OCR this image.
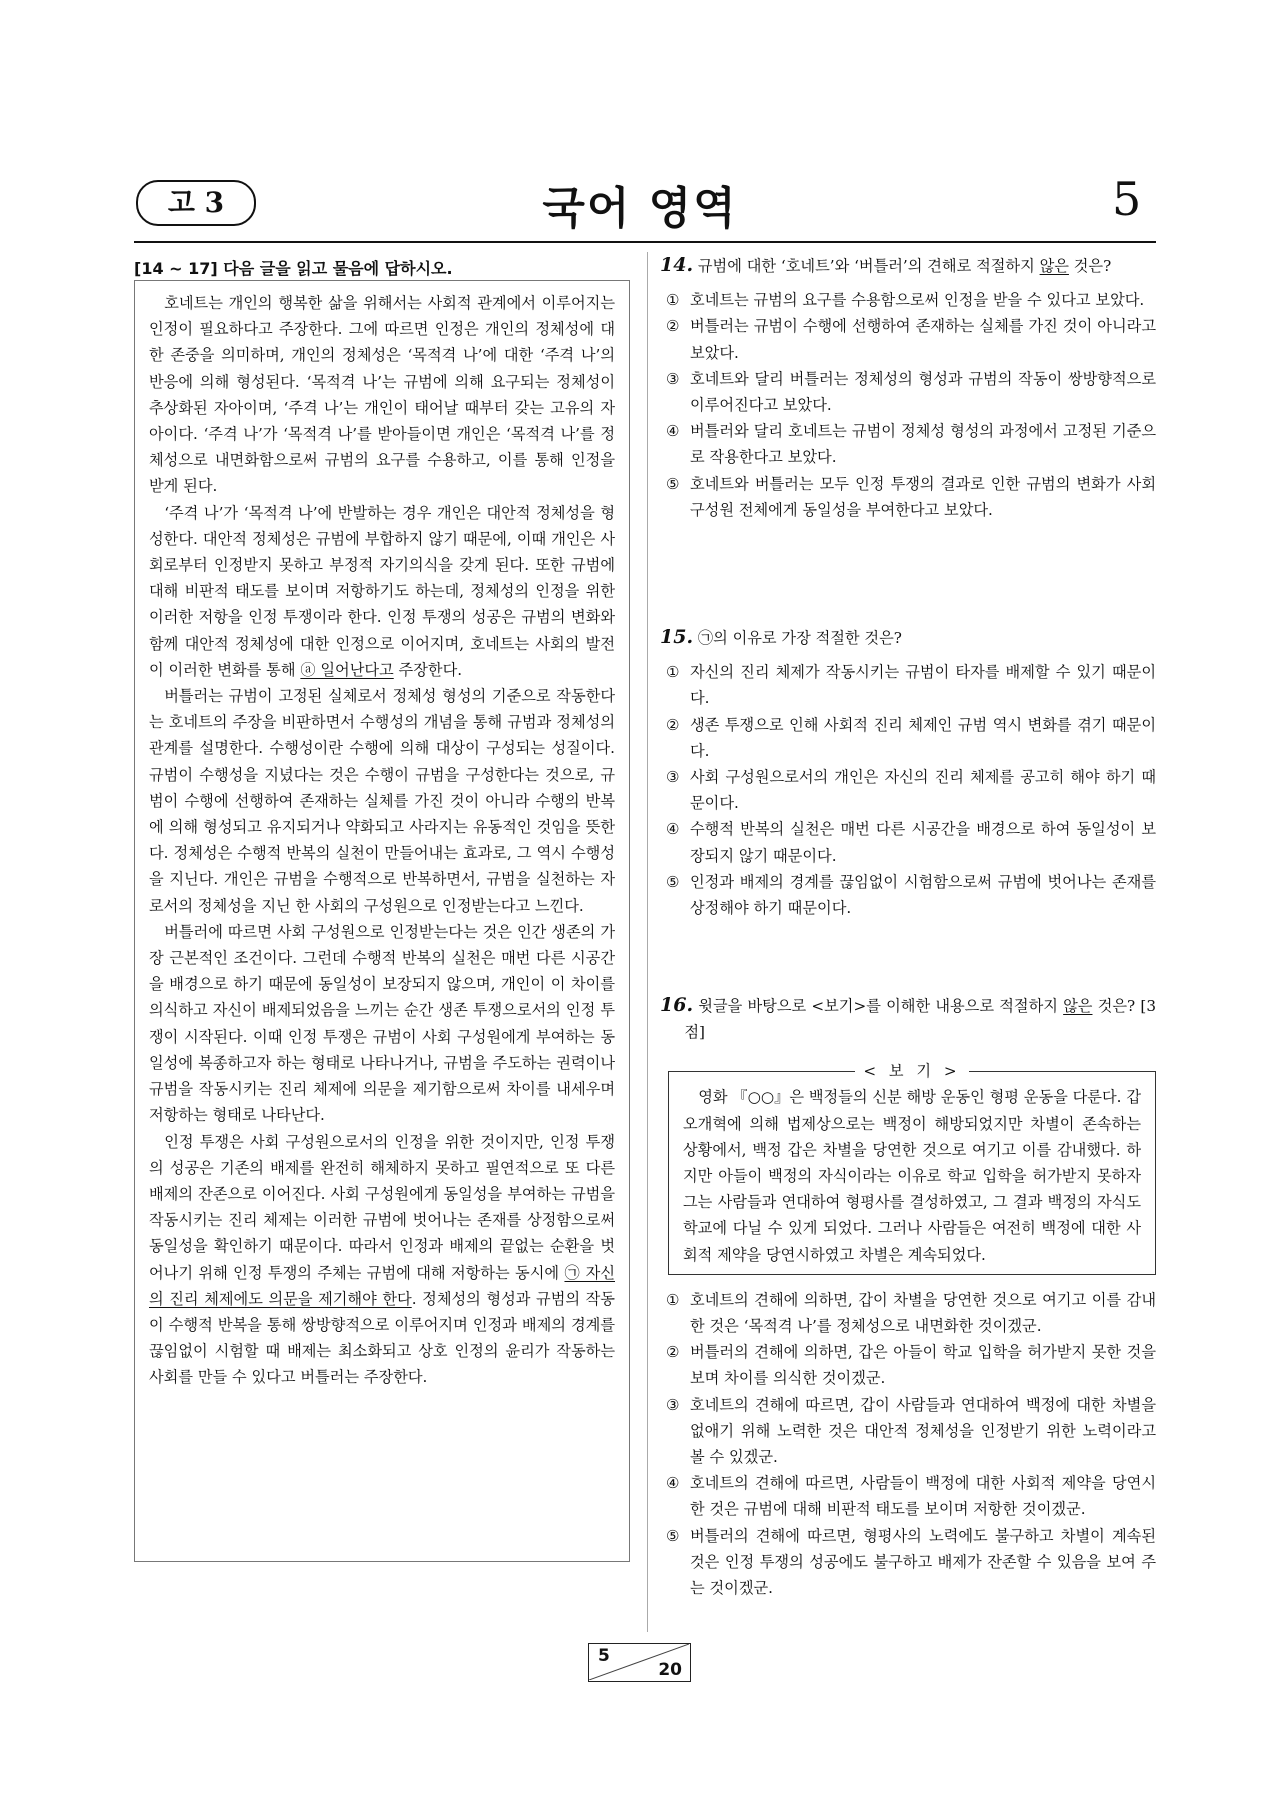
고 3	국어 영역	5
[14 ~ 17] 다음 글을 읽고 물음에 답하시오.

호네트는 개인의 행복한 삶을 위해서는 사회적 관계에서 이루어지는 인정이 필요하다고 주장한다. 그에 따르면 인정은 개인의 정체성에 대한 존중을 의미하며, 개인의 정체성은 ‘목적격 나’에 대한 ‘주격 나’의 반응에 의해 형성된다. ‘목적격 나’는 규범에 의해 요구되는 정체성이 추상화된 자아이며, ‘주격 나’는 개인이 태어날 때부터 갖는 고유의 자아이다. ‘주격 나’가 ‘목적격 나’를 받아들이면 개인은 ‘목적격 나’를 정체성으로 내면화함으로써 규범의 요구를 수용하고, 이를 통해 인정을 받게 된다.

‘주격 나’가 ‘목적격 나’에 반발하는 경우 개인은 대안적 정체성을 형성한다. 대안적 정체성은 규범에 부합하지 않기 때문에, 이때 개인은 사회로부터 인정받지 못하고 부정적 자기의식을 갖게 된다. 또한 규범에 대해 비판적 태도를 보이며 저항하기도 하는데, 정체성의 인정을 위한 이러한 저항을 인정 투쟁이라 한다. 인정 투쟁의 성공은 규범의 변화와 함께 대안적 정체성에 대한 인정으로 이어지며, 호네트는 사회의 발전이 이러한 변화를 통해 ⓐ 일어난다고 주장한다.

버틀러는 규범이 고정된 실체로서 정체성 형성의 기준으로 작동한다는 호네트의 주장을 비판하면서 수행성의 개념을 통해 규범과 정체성의 관계를 설명한다. 수행성이란 수행에 의해 대상이 구성되는 성질이다. 규범이 수행성을 지녔다는 것은 수행이 규범을 구성한다는 것으로, 규범이 수행에 선행하여 존재하는 실체를 가진 것이 아니라 수행의 반복에 의해 형성되고 유지되거나 약화되고 사라지는 유동적인 것임을 뜻한다. 정체성은 수행적 반복의 실천이 만들어내는 효과로, 그 역시 수행성을 지닌다. 개인은 규범을 수행적으로 반복하면서, 규범을 실천하는 자로서의 정체성을 지닌 한 사회의 구성원으로 인정받는다고 느낀다.

버틀러에 따르면 사회 구성원으로 인정받는다는 것은 인간 생존의 가장 근본적인 조건이다. 그런데 수행적 반복의 실천은 매번 다른 시공간을 배경으로 하기 때문에 동일성이 보장되지 않으며, 개인이 이 차이를 의식하고 자신이 배제되었음을 느끼는 순간 생존 투쟁으로서의 인정 투쟁이 시작된다. 이때 인정 투쟁은 규범이 사회 구성원에게 부여하는 동일성에 복종하고자 하는 형태로 나타나거나, 규범을 주도하는 권력이나 규범을 작동시키는 진리 체제에 의문을 제기함으로써 차이를 내세우며 저항하는 형태로 나타난다.

인정 투쟁은 사회 구성원으로서의 인정을 위한 것이지만, 인정 투쟁의 성공은 기존의 배제를 완전히 해체하지 못하고 필연적으로 또 다른 배제의 잔존으로 이어진다. 사회 구성원에게 동일성을 부여하는 규범을 작동시키는 진리 체제는 이러한 규범에 벗어나는 존재를 상정함으로써 동일성을 확인하기 때문이다. 따라서 인정과 배제의 끝없는 순환을 벗어나기 위해 인정 투쟁의 주체는 규범에 대해 저항하는 동시에 ㉠ 자신의 진리 체제에도 의문을 제기해야 한다. 정체성의 형성과 규범의 작동이 수행적 반복을 통해 쌍방향적으로 이루어지며 인정과 배제의 경계를 끊임없이 시험할 때 배제는 최소화되고 상호 인정의 윤리가 작동하는 사회를 만들 수 있다고 버틀러는 주장한다.

14. 규범에 대한 ‘호네트’와 ‘버틀러’의 견해로 적절하지 않은 것은?

① 호네트는 규범의 요구를 수용함으로써 인정을 받을 수 있다고 보았다.
② 버틀러는 규범이 수행에 선행하여 존재하는 실체를 가진 것이 아니라고 보았다.
③ 호네트와 달리 버틀러는 정체성의 형성과 규범의 작동이 쌍방향적으로 이루어진다고 보았다.
④ 버틀러와 달리 호네트는 규범이 정체성 형성의 과정에서 고정된 기준으로 작용한다고 보았다.
⑤ 호네트와 버틀러는 모두 인정 투쟁의 결과로 인한 규범의 변화가 사회 구성원 전체에게 동일성을 부여한다고 보았다.

15. ㉠의 이유로 가장 적절한 것은?

① 자신의 진리 체제가 작동시키는 규범이 타자를 배제할 수 있기 때문이다.
② 생존 투쟁으로 인해 사회적 진리 체제인 규범 역시 변화를 겪기 때문이다.
③ 사회 구성원으로서의 개인은 자신의 진리 체제를 공고히 해야 하기 때문이다.
④ 수행적 반복의 실천은 매번 다른 시공간을 배경으로 하여 동일성이 보장되지 않기 때문이다.
⑤ 인정과 배제의 경계를 끊임없이 시험함으로써 규범에 벗어나는 존재를 상정해야 하기 때문이다.

16. 윗글을 바탕으로 <보기>를 이해한 내용으로 적절하지 않은 것은? [3점]

< 보 기 >

영화 『○○』은 백정들의 신분 해방 운동인 형평 운동을 다룬다. 갑오개혁에 의해 법제상으로는 백정이 해방되었지만 차별이 존속하는 상황에서, 백정 갑은 차별을 당연한 것으로 여기고 이를 감내했다. 하지만 아들이 백정의 자식이라는 이유로 학교 입학을 허가받지 못하자 그는 사람들과 연대하여 형평사를 결성하였고, 그 결과 백정의 자식도 학교에 다닐 수 있게 되었다. 그러나 사람들은 여전히 백정에 대한 사회적 제약을 당연시하였고 차별은 계속되었다.

① 호네트의 견해에 의하면, 갑이 차별을 당연한 것으로 여기고 이를 감내한 것은 ‘목적격 나’를 정체성으로 내면화한 것이겠군.
② 버틀러의 견해에 의하면, 갑은 아들이 학교 입학을 허가받지 못한 것을 보며 차이를 의식한 것이겠군.
③ 호네트의 견해에 따르면, 갑이 사람들과 연대하여 백정에 대한 차별을 없애기 위해 노력한 것은 대안적 정체성을 인정받기 위한 노력이라고 볼 수 있겠군.
④ 호네트의 견해에 따르면, 사람들이 백정에 대한 사회적 제약을 당연시한 것은 규범에 대해 비판적 태도를 보이며 저항한 것이겠군.
⑤ 버틀러의 견해에 따르면, 형평사의 노력에도 불구하고 차별이 계속된 것은 인정 투쟁의 성공에도 불구하고 배제가 잔존할 수 있음을 보여 주는 것이겠군.
5
20
